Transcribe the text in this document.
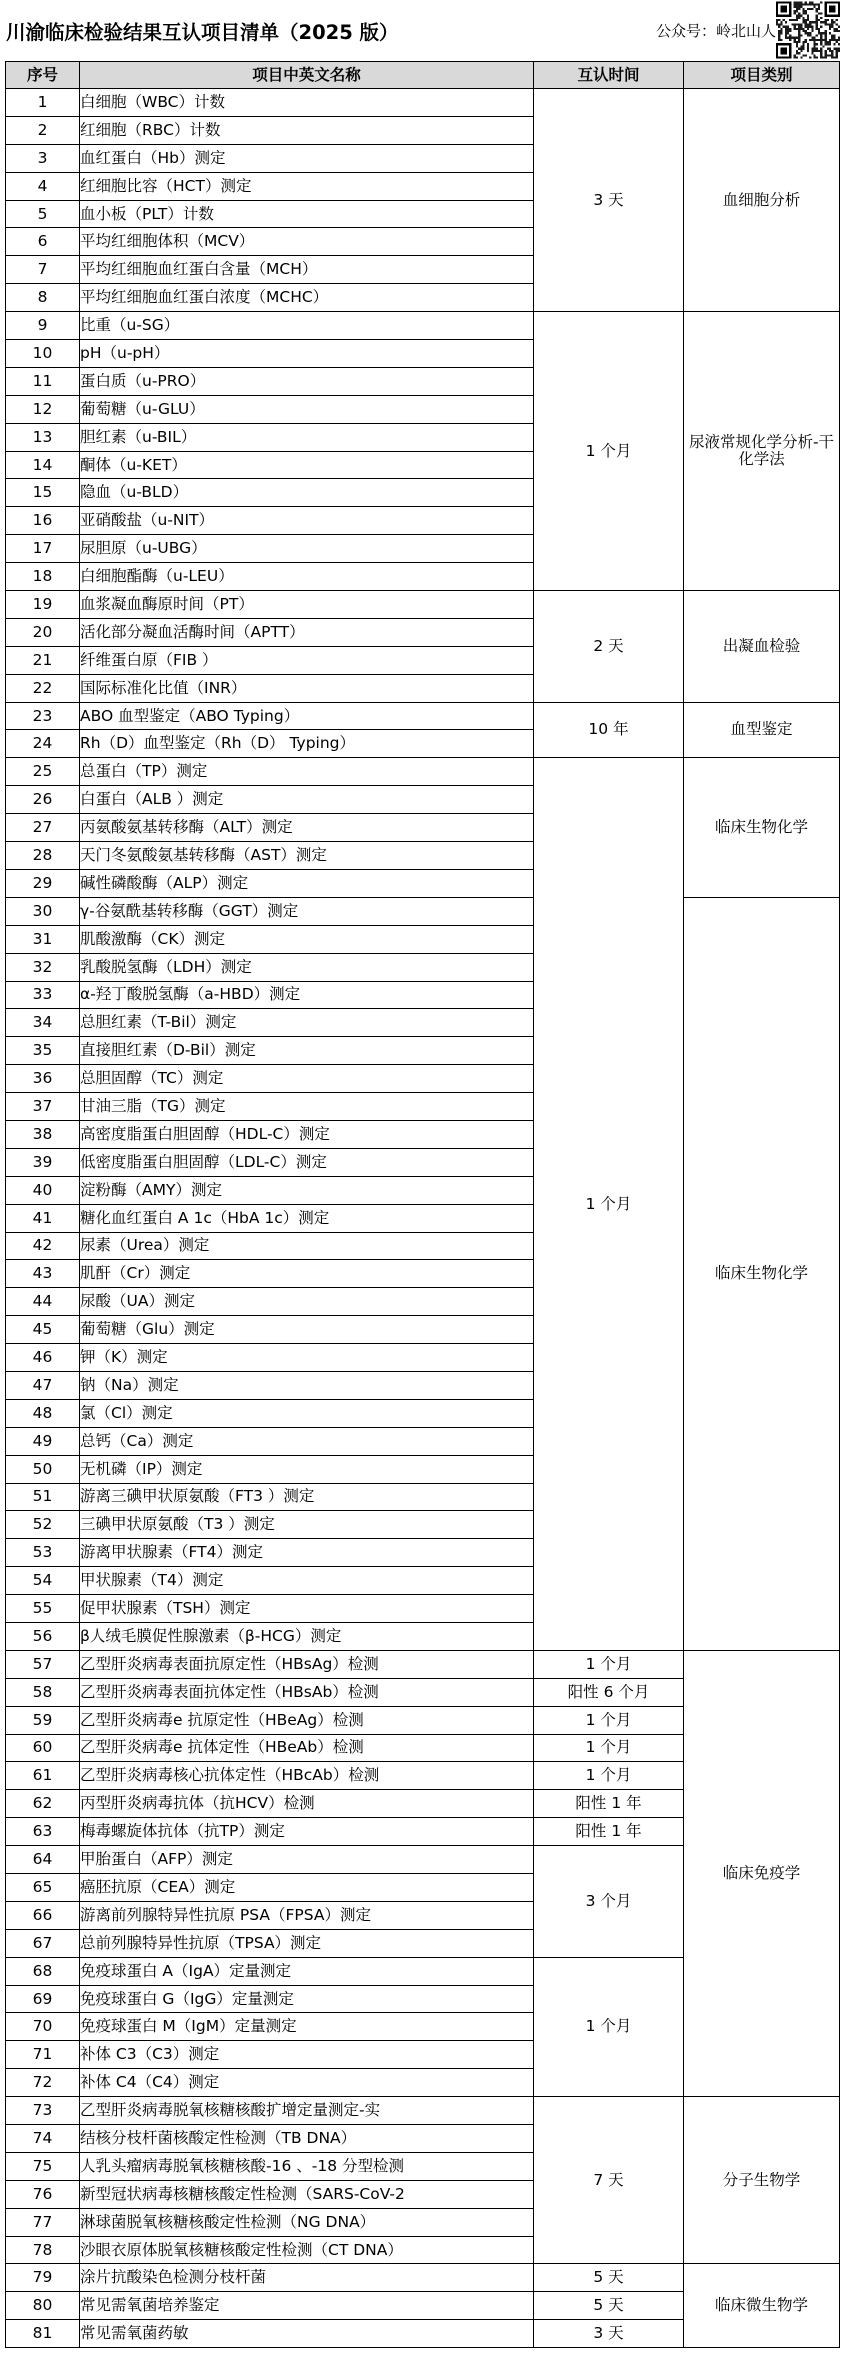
川渝临床检验结果互认项目清单（2025 版）	公众号：岭北山人
序号	项目中英文名称	互认时间	项目类别
1	白细胞（WBC）计数	3 天	血细胞分析
2	红细胞（RBC）计数		
3	血红蛋白（Hb）测定		
4	红细胞比容（HCT）测定		
5	血小板（PLT）计数		
6	平均红细胞体积（MCV）		
7	平均红细胞血红蛋白含量（MCH）		
8	平均红细胞血红蛋白浓度（MCHC）		
9	比重（u-SG）	1 个月	尿液常规化学分析-干化学法
10	pH（u-pH）		
11	蛋白质（u-PRO）		
12	葡萄糖（u-GLU）		
13	胆红素（u-BIL）		
14	酮体（u-KET）		
15	隐血（u-BLD）		
16	亚硝酸盐（u-NIT）		
17	尿胆原（u-UBG）		
18	白细胞酯酶（u-LEU）		
19	血浆凝血酶原时间（PT）	2 天	出凝血检验
20	活化部分凝血活酶时间（APTT）		
21	纤维蛋白原（FIB ）		
22	国际标准化比值（INR）		
23	ABO 血型鉴定（ABO Typing）	10 年	血型鉴定
24	Rh（D）血型鉴定（Rh（D） Typing）		
25	总蛋白（TP）测定	1 个月	临床生物化学
26	白蛋白（ALB ）测定		
27	丙氨酸氨基转移酶（ALT）测定		
28	天门冬氨酸氨基转移酶（AST）测定		
29	碱性磷酸酶（ALP）测定		
30	γ-谷氨酰基转移酶（GGT）测定		临床生物化学
31	肌酸激酶（CK）测定		
32	乳酸脱氢酶（LDH）测定		
33	α-羟丁酸脱氢酶（a-HBD）测定		
34	总胆红素（T-Bil）测定		
35	直接胆红素（D-Bil）测定		
36	总胆固醇（TC）测定		
37	甘油三脂（TG）测定		
38	高密度脂蛋白胆固醇（HDL-C）测定		
39	低密度脂蛋白胆固醇（LDL-C）测定		
40	淀粉酶（AMY）测定		
41	糖化血红蛋白 A 1c（HbA 1c）测定		
42	尿素（Urea）测定		
43	肌酐（Cr）测定		
44	尿酸（UA）测定		
45	葡萄糖（Glu）测定		
46	钾（K）测定		
47	钠（Na）测定		
48	氯（Cl）测定		
49	总钙（Ca）测定		
50	无机磷（IP）测定		
51	游离三碘甲状原氨酸（FT3 ）测定		
52	三碘甲状原氨酸（T3 ）测定		
53	游离甲状腺素（FT4）测定		
54	甲状腺素（T4）测定		
55	促甲状腺素（TSH）测定		
56	β人绒毛膜促性腺激素（β-HCG）测定		
57	乙型肝炎病毒表面抗原定性（HBsAg）检测	1 个月	临床免疫学
58	乙型肝炎病毒表面抗体定性（HBsAb）检测	阳性 6 个月	
59	乙型肝炎病毒e 抗原定性（HBeAg）检测	1 个月	
60	乙型肝炎病毒e 抗体定性（HBeAb）检测	1 个月	
61	乙型肝炎病毒核心抗体定性（HBcAb）检测	1 个月	
62	丙型肝炎病毒抗体（抗HCV）检测	阳性 1 年	
63	梅毒螺旋体抗体（抗TP）测定	阳性 1 年	
64	甲胎蛋白（AFP）测定	3 个月	
65	癌胚抗原（CEA）测定		
66	游离前列腺特异性抗原 PSA（FPSA）测定		
67	总前列腺特异性抗原（TPSA）测定		
68	免疫球蛋白 A（IgA）定量测定	1 个月	
69	免疫球蛋白 G（IgG）定量测定		
70	免疫球蛋白 M（IgM）定量测定		
71	补体 C3（C3）测定		
72	补体 C4（C4）测定		
73	乙型肝炎病毒脱氧核糖核酸扩增定量测定-实	7 天	分子生物学
74	结核分枝杆菌核酸定性检测（TB DNA）		
75	人乳头瘤病毒脱氧核糖核酸-16 、-18 分型检测		
76	新型冠状病毒核糖核酸定性检测（SARS-CoV-2		
77	淋球菌脱氧核糖核酸定性检测（NG DNA）		
78	沙眼衣原体脱氧核糖核酸定性检测（CT DNA）		
79	涂片抗酸染色检测分枝杆菌	5 天	临床微生物学
80	常见需氧菌培养鉴定	5 天	
81	常见需氧菌药敏	3 天	
